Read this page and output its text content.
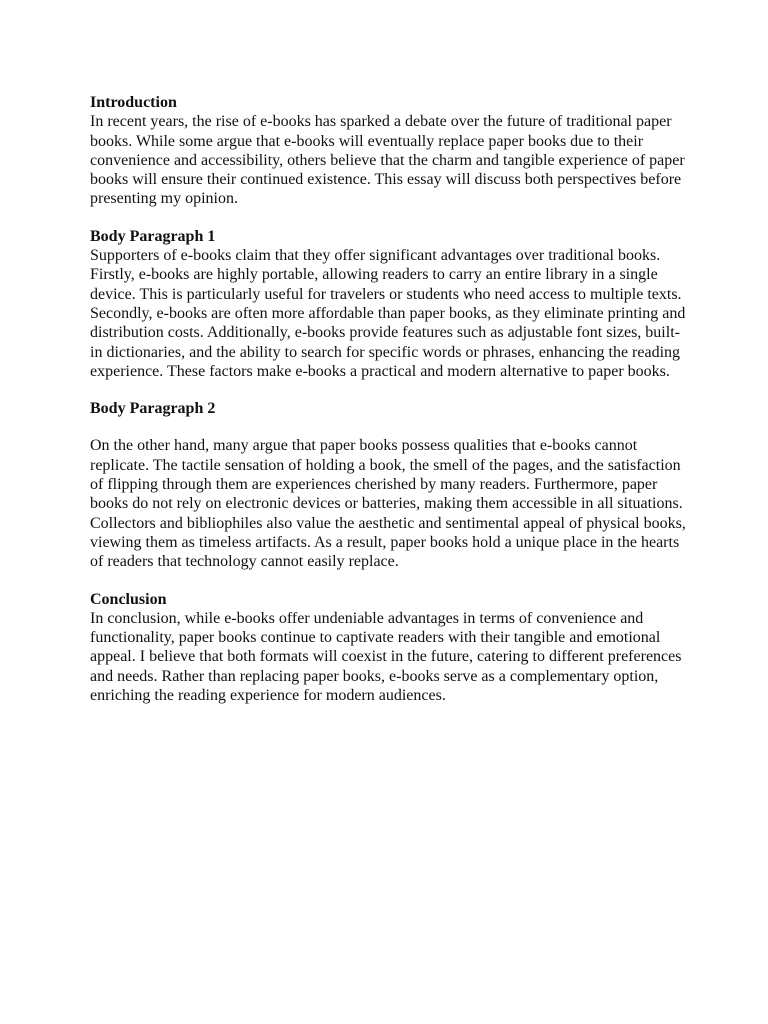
Introduction
In recent years, the rise of e-books has sparked a debate over the future of traditional paper books. While some argue that e-books will eventually replace paper books due to their convenience and accessibility, others believe that the charm and tangible experience of paper books will ensure their continued existence. This essay will discuss both perspectives before presenting my opinion.
Body Paragraph 1
Supporters of e-books claim that they offer significant advantages over traditional books. Firstly, e-books are highly portable, allowing readers to carry an entire library in a single device. This is particularly useful for travelers or students who need access to multiple texts. Secondly, e-books are often more affordable than paper books, as they eliminate printing and distribution costs. Additionally, e-books provide features such as adjustable font sizes, built-in dictionaries, and the ability to search for specific words or phrases, enhancing the reading experience. These factors make e-books a practical and modern alternative to paper books.
Body Paragraph 2
On the other hand, many argue that paper books possess qualities that e-books cannot replicate. The tactile sensation of holding a book, the smell of the pages, and the satisfaction of flipping through them are experiences cherished by many readers. Furthermore, paper books do not rely on electronic devices or batteries, making them accessible in all situations. Collectors and bibliophiles also value the aesthetic and sentimental appeal of physical books, viewing them as timeless artifacts. As a result, paper books hold a unique place in the hearts of readers that technology cannot easily replace.
Conclusion
In conclusion, while e-books offer undeniable advantages in terms of convenience and functionality, paper books continue to captivate readers with their tangible and emotional appeal. I believe that both formats will coexist in the future, catering to different preferences and needs. Rather than replacing paper books, e-books serve as a complementary option, enriching the reading experience for modern audiences.
